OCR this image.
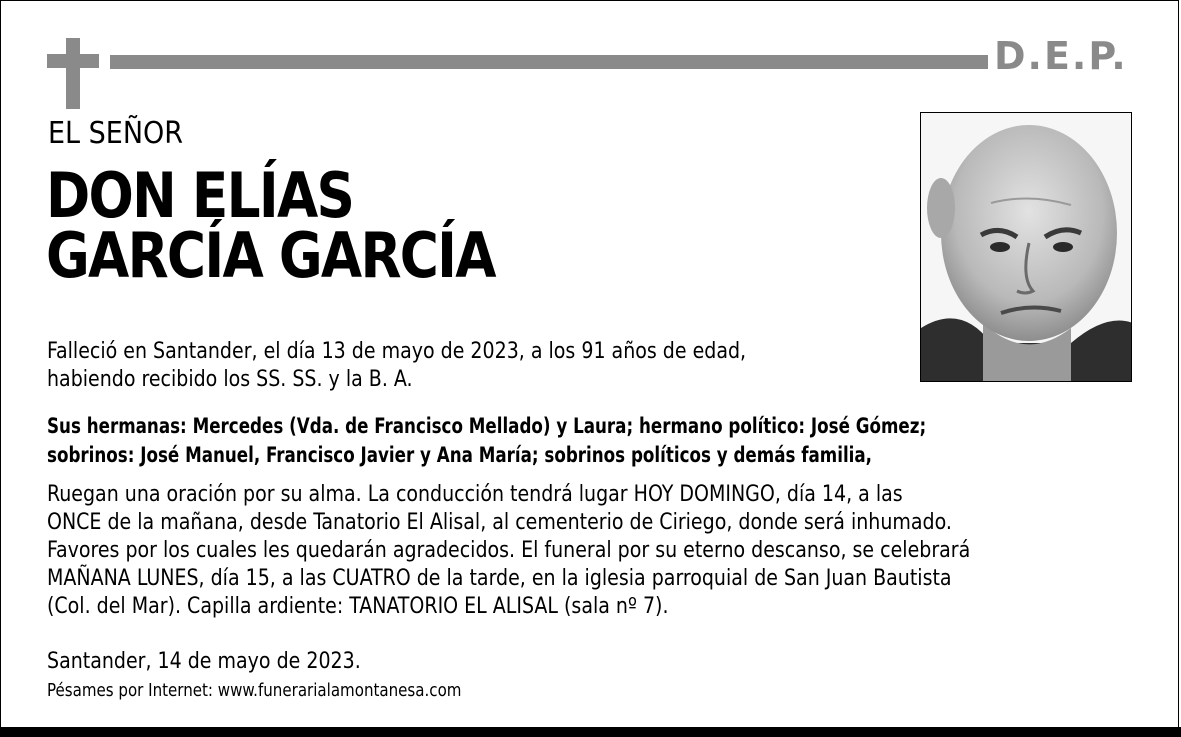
D.E.P.
EL SEÑOR
DON ELÍAS
GARCÍA GARCÍA
Falleció en Santander, el día 13 de mayo de 2023, a los 91 años de edad,
habiendo recibido los SS. SS. y la B. A.
Sus hermanas: Mercedes (Vda. de Francisco Mellado) y Laura; hermano político: José Gómez;
sobrinos: José Manuel, Francisco Javier y Ana María; sobrinos políticos y demás familia,
Ruegan una oración por su alma. La conducción tendrá lugar HOY DOMINGO, día 14, a las
ONCE de la mañana, desde Tanatorio El Alisal, al cementerio de Ciriego, donde será inhumado.
Favores por los cuales les quedarán agradecidos. El funeral por su eterno descanso, se celebrará
MAÑANA LUNES, día 15, a las CUATRO de la tarde, en la iglesia parroquial de San Juan Bautista
(Col. del Mar). Capilla ardiente: TANATORIO EL ALISAL (sala nº 7).
Santander, 14 de mayo de 2023.
Pésames por Internet: www.funerarialamontanesa.com
